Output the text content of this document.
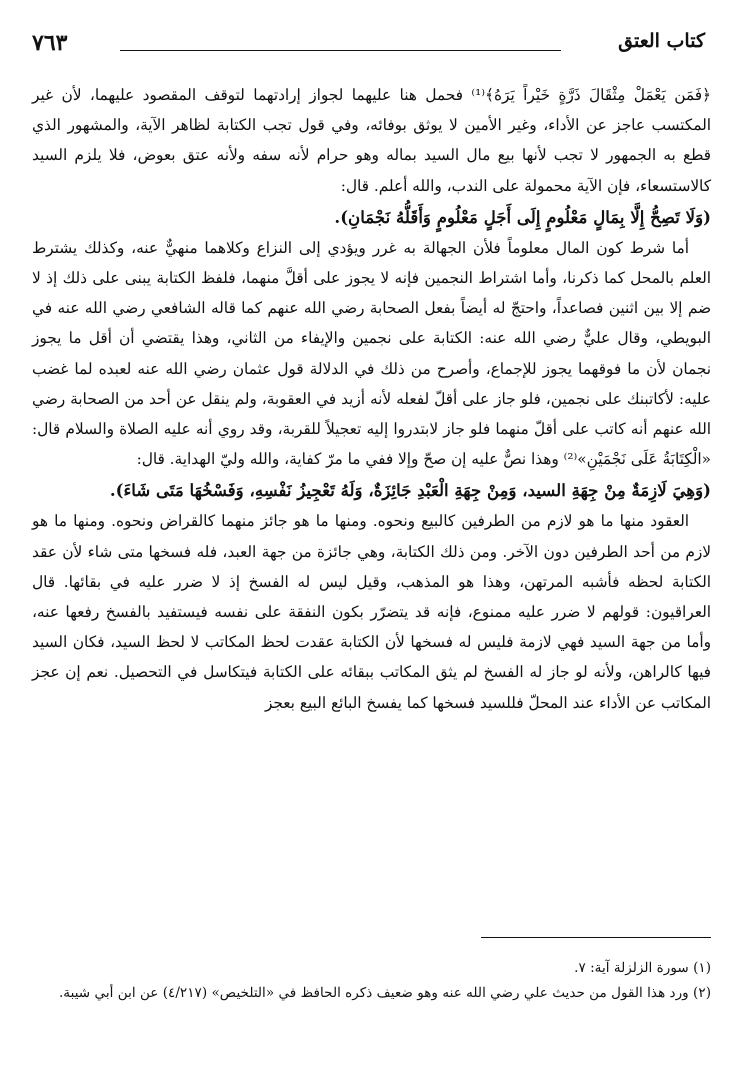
٧٦٣	كتاب العتق

﴿فَمَن يَعْمَلْ مِثْقَالَ ذَرَّةٍ خَيْراً يَرَهُ﴾⁽¹⁾ فحمل هنا عليهما لجواز إرادتهما لتوقف المقصود عليهما، لأن غير المكتسب عاجز عن الأداء، وغير الأمين لا يوثق بوفائه، وفي قول تجب الكتابة لظاهر الآية، والمشهور الذي قطع به الجمهور لا تجب لأنها بيع مال السيد بماله وهو حرام لأنه سفه ولأنه عتق بعوض، فلا يلزم السيد كالاستسعاء، فإن الآية محمولة على الندب، والله أعلم. قال:

(وَلَا تَصِحُّ إِلَّا بِمَالٍ مَعْلُومٍ إِلَى أَجَلٍ مَعْلُومٍ وَأَقَلُّهُ نَجْمَانِ).

أما شرط كون المال معلوماً فلأن الجهالة به غرر ويؤدي إلى النزاع وكلاهما منهيٌّ عنه، وكذلك يشترط العلم بالمحل كما ذكرنا، وأما اشتراط النجمين فإنه لا يجوز على أقلَّ منهما، فلفظ الكتابة يبنى على ذلك إذ لا ضم إلا بين اثنين فصاعداً، واحتجّ له أيضاً بفعل الصحابة رضي الله عنهم كما قاله الشافعي رضي الله عنه في البويطي، وقال عليٌّ رضي الله عنه: الكتابة على نجمين والإيفاء من الثاني، وهذا يقتضي أن أقل ما يجوز نجمان لأن ما فوقهما يجوز للإجماع، وأصرح من ذلك في الدلالة قول عثمان رضي الله عنه لعبده لما غضب عليه: لأكاتبنك على نجمين، فلو جاز على أقلّ لفعله لأنه أزيد في العقوبة، ولم ينقل عن أحد من الصحابة رضي الله عنهم أنه كاتب على أقلّ منهما فلو جاز لابتدروا إليه تعجيلاً للقربة، وقد روي أنه عليه الصلاة والسلام قال: «الْكِتَابَةُ عَلَى نَجْمَيْنِ»⁽²⁾ وهذا نصٌّ عليه إن صحّ وإلا ففي ما مرّ كفاية، والله وليّ الهداية. قال:

(وَهِيَ لَازِمَةٌ مِنْ جِهَةِ السيد، وَمِنْ جِهَةِ الْعَبْدِ جَائِزَةٌ، وَلَهُ تَعْجِيزُ نَفْسِهِ، وَفَسْخُهَا مَتَى شَاءَ).

العقود منها ما هو لازم من الطرفين كالبيع ونحوه. ومنها ما هو جائز منهما كالقراض ونحوه. ومنها ما هو لازم من أحد الطرفين دون الآخر. ومن ذلك الكتابة، وهي جائزة من جهة العبد، فله فسخها متى شاء لأن عقد الكتابة لحظه فأشبه المرتهن، وهذا هو المذهب، وقيل ليس له الفسخ إذ لا ضرر عليه في بقائها. قال العراقيون: قولهم لا ضرر عليه ممنوع، فإنه قد يتضرّر بكون النفقة على نفسه فيستفيد بالفسخ رفعها عنه، وأما من جهة السيد فهي لازمة فليس له فسخها لأن الكتابة عقدت لحظ المكاتب لا لحظ السيد، فكان السيد فيها كالراهن، ولأنه لو جاز له الفسخ لم يثق المكاتب ببقائه على الكتابة فيتكاسل في التحصيل. نعم إن عجز المكاتب عن الأداء عند المحلّ فللسيد فسخها كما يفسخ البائع البيع بعجز

(١) سورة الزلزلة آية: ٧.

(٢) ورد هذا القول من حديث علي رضي الله عنه وهو ضعيف ذكره الحافظ في «التلخيص» (٤/٢١٧) عن ابن أبي شيبة.
